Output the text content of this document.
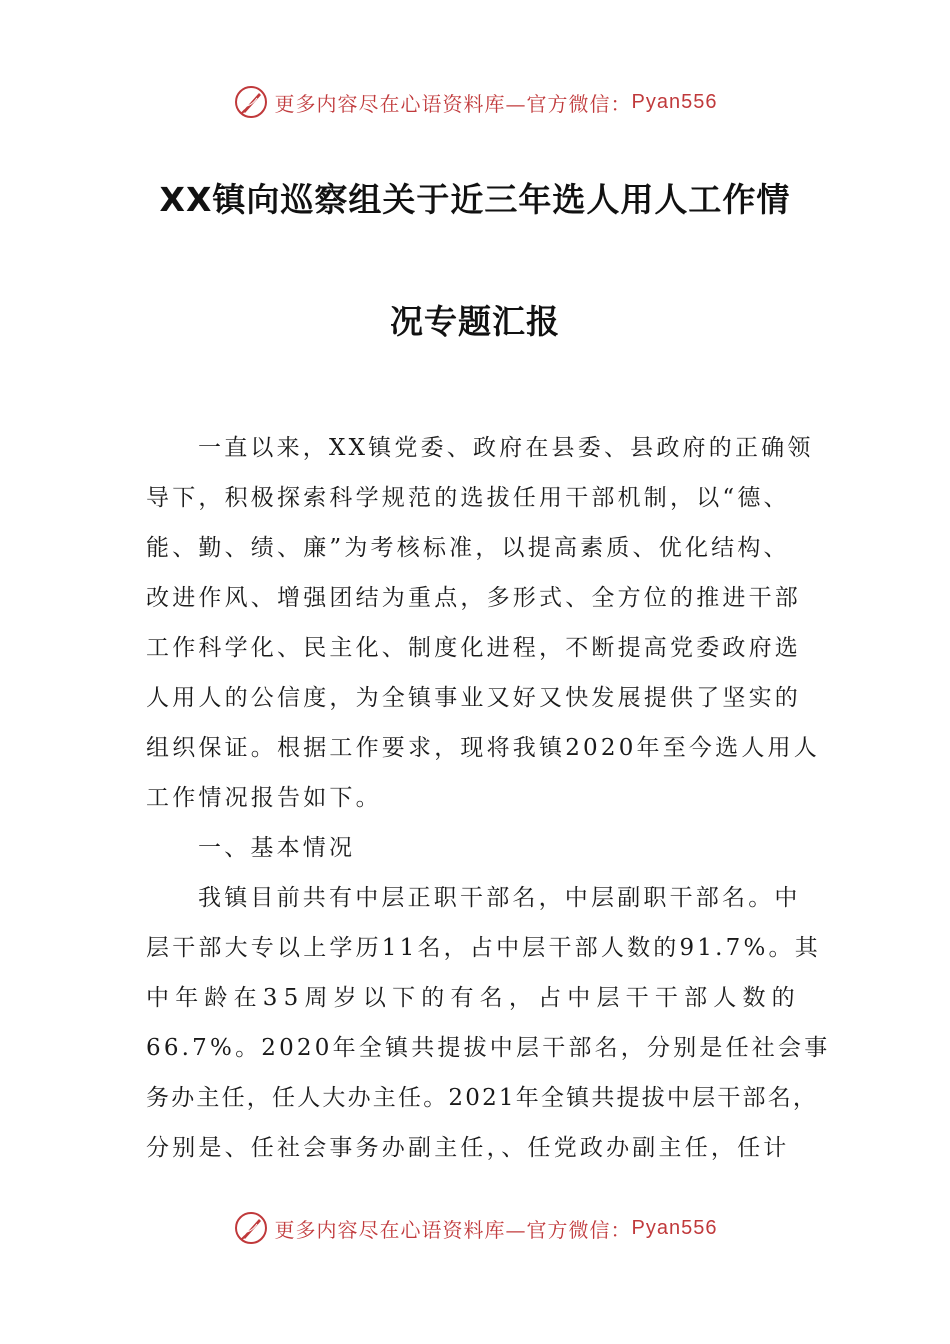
更多内容尽在心语资料库—官方微信： Pyan556
XX镇向巡察组关于近三年选人用人工作情
况专题汇报
一直以来，XX镇党委、政府在县委、县政府的正确领
导下，积极探索科学规范的选拔任用干部机制，以“德、
能、勤、绩、廉”为考核标准，以提高素质、优化结构、
改进作风、增强团结为重点，多形式、全方位的推进干部
工作科学化、民主化、制度化进程，不断提高党委政府选
人用人的公信度，为全镇事业又好又快发展提供了坚实的
组织保证。根据工作要求，现将我镇2020年至今选人用人
工作情况报告如下。
一、基本情况
我镇目前共有中层正职干部名，中层副职干部名。中
层干部大专以上学历11名，占中层干部人数的91.7%。其
中年龄在35周岁以下的有名，占中层干干部人数的
66.7%。2020年全镇共提拔中层干部名，分别是任社会事
务办主任，任人大办主任。2021年全镇共提拔中层干部名，
分别是、任社会事务办副主任，、任党政办副主任，任计
更多内容尽在心语资料库—官方微信： Pyan556
